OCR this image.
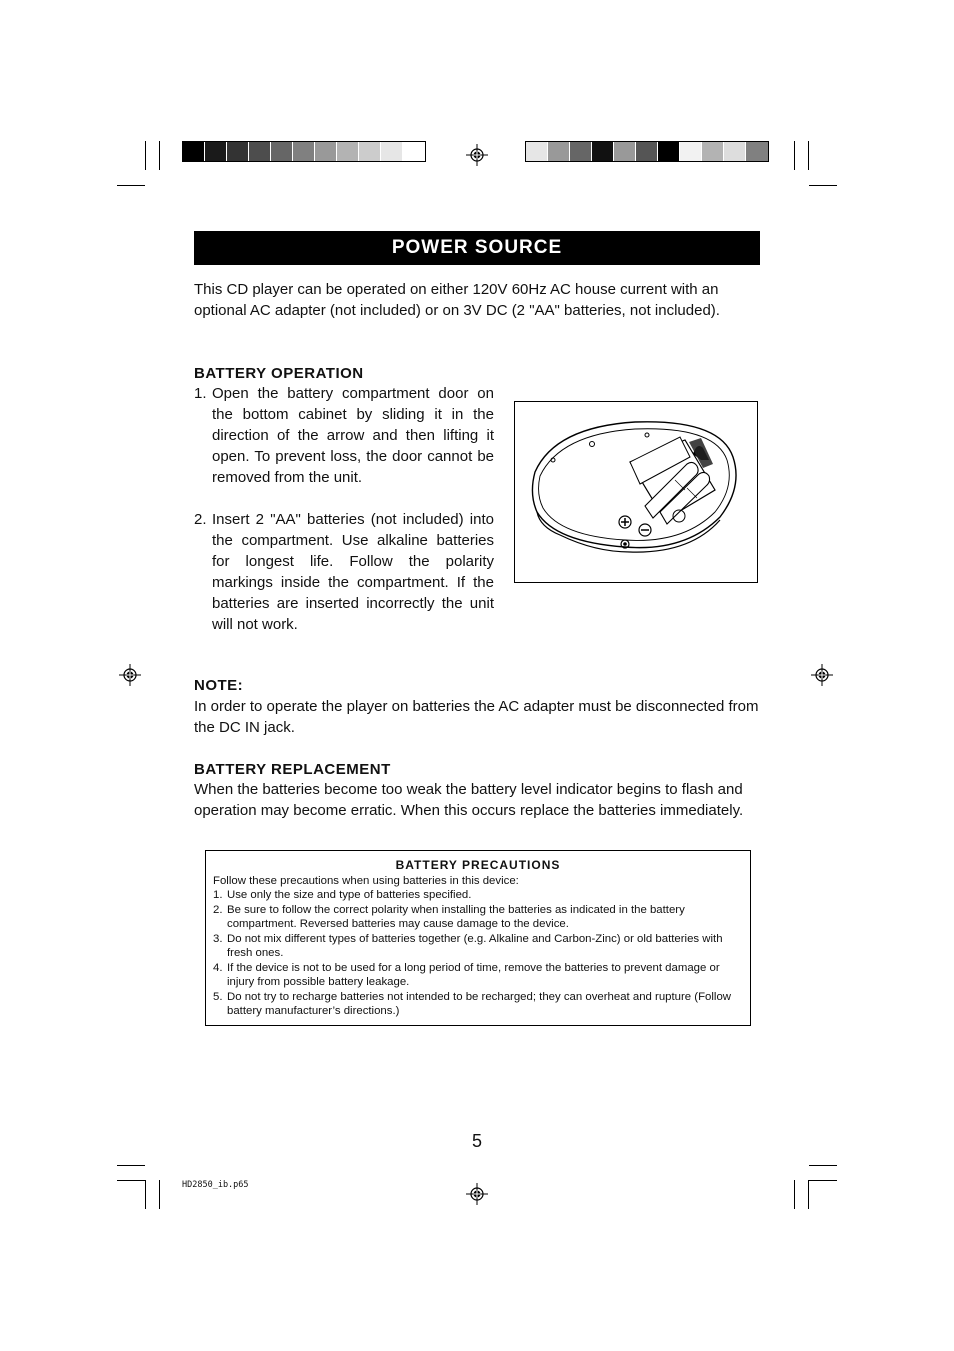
POWER SOURCE
This CD player can be operated on either 120V 60Hz AC house current with an optional AC adapter (not included) or on 3V DC (2 "AA" batteries, not included).
BATTERY OPERATION
1. Open the battery compartment door on the bottom cabinet by sliding it in the direction of the arrow and then lifting it open. To prevent loss, the door cannot be removed from the unit.
2. Insert 2 "AA" batteries (not included) into the compartment. Use alkaline batteries for longest life. Follow the polarity markings inside the compartment. If the batteries are inserted incorrectly the unit will not work.
NOTE:
In order to operate the player on batteries the AC adapter must be disconnected from the DC IN jack.
BATTERY REPLACEMENT
When the batteries become too weak the battery level indicator begins to flash and operation may become erratic. When this occurs replace the batteries immediately.
BATTERY PRECAUTIONS
Follow these precautions when using batteries in this device:
1. Use only the size and type of batteries specified.
2. Be sure to follow the correct polarity when installing the batteries as indicated in the battery compartment. Reversed batteries may cause damage to the device.
3. Do not mix different types of batteries together (e.g. Alkaline and Carbon-Zinc) or old batteries with fresh ones.
4. If the device is not to be used for a long period of time, remove the batteries to prevent damage or injury from possible battery leakage.
5. Do not try to recharge batteries not intended to be recharged; they can overheat and rupture (Follow battery manufacturer’s directions.)
5
HD2850_ib.p65
